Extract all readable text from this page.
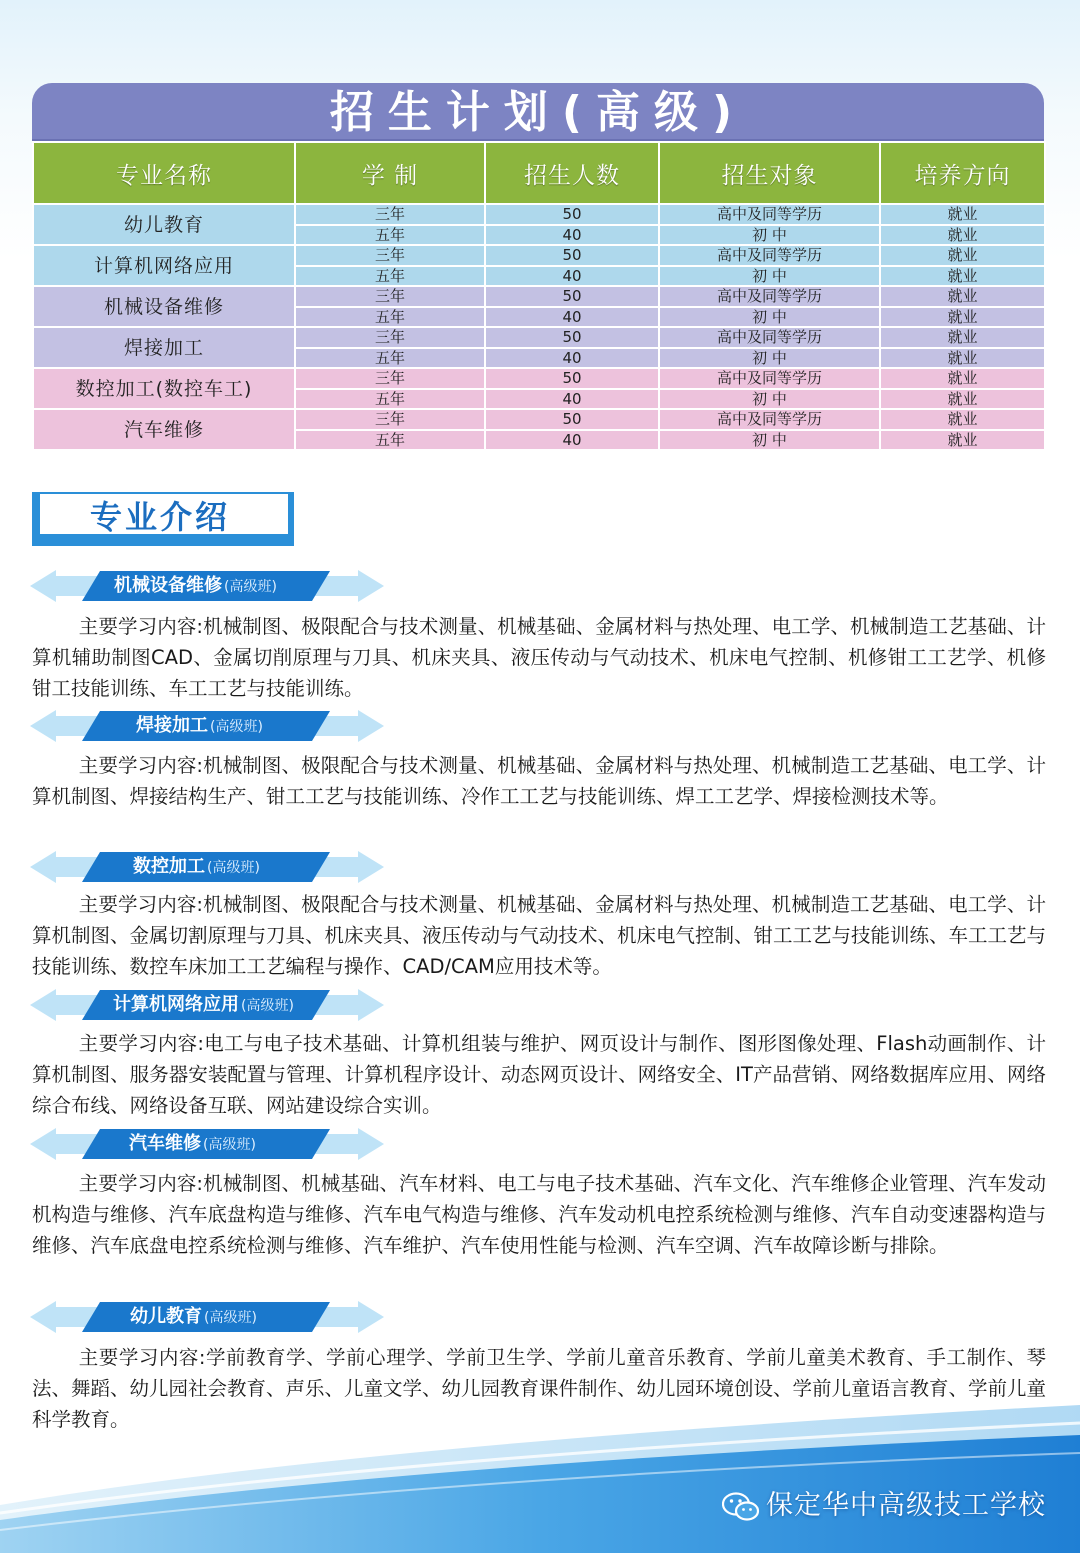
招生计划(高级)
专业名称	学 制	招生人数	招生对象	培养方向
幼儿教育	三年	50	高中及同等学历	就业
	五年	40	初 中	就业
计算机网络应用	三年	50	高中及同等学历	就业
	五年	40	初 中	就业
机械设备维修	三年	50	高中及同等学历	就业
	五年	40	初 中	就业
焊接加工	三年	50	高中及同等学历	就业
	五年	40	初 中	就业
数控加工(数控车工)	三年	50	高中及同等学历	就业
	五年	40	初 中	就业
汽车维修	三年	50	高中及同等学历	就业
	五年	40	初 中	就业
专业介绍
机械设备维修 (高级班)

主要学习内容:机械制图、极限配合与技术测量、机械基础、金属材料与热处理、电工学、机械制造工艺基础、计算机辅助制图CAD、金属切削原理与刀具、机床夹具、液压传动与气动技术、机床电气控制、机修钳工工艺学、机修钳工技能训练、车工工艺与技能训练。

焊接加工 (高级班)

主要学习内容:机械制图、极限配合与技术测量、机械基础、金属材料与热处理、机械制造工艺基础、电工学、计算机制图、焊接结构生产、钳工工艺与技能训练、冷作工工艺与技能训练、焊工工艺学、焊接检测技术等。

数控加工 (高级班)

主要学习内容:机械制图、极限配合与技术测量、机械基础、金属材料与热处理、机械制造工艺基础、电工学、计算机制图、金属切割原理与刀具、机床夹具、液压传动与气动技术、机床电气控制、钳工工艺与技能训练、车工工艺与技能训练、数控车床加工工艺编程与操作、CAD/CAM应用技术等。

计算机网络应用 (高级班)

主要学习内容:电工与电子技术基础、计算机组装与维护、网页设计与制作、图形图像处理、Flash动画制作、计算机制图、服务器安装配置与管理、计算机程序设计、动态网页设计、网络安全、IT产品营销、网络数据库应用、网络综合布线、网络设备互联、网站建设综合实训。

汽车维修 (高级班)

主要学习内容:机械制图、机械基础、汽车材料、电工与电子技术基础、汽车文化、汽车维修企业管理、汽车发动机构造与维修、汽车底盘构造与维修、汽车电气构造与维修、汽车发动机电控系统检测与维修、汽车自动变速器构造与维修、汽车底盘电控系统检测与维修、汽车维护、汽车使用性能与检测、汽车空调、汽车故障诊断与排除。

幼儿教育 (高级班)

主要学习内容:学前教育学、学前心理学、学前卫生学、学前儿童音乐教育、学前儿童美术教育、手工制作、琴法、舞蹈、幼儿园社会教育、声乐、儿童文学、幼儿园教育课件制作、幼儿园环境创设、学前儿童语言教育、学前儿童科学教育。

保定华中高级技工学校
